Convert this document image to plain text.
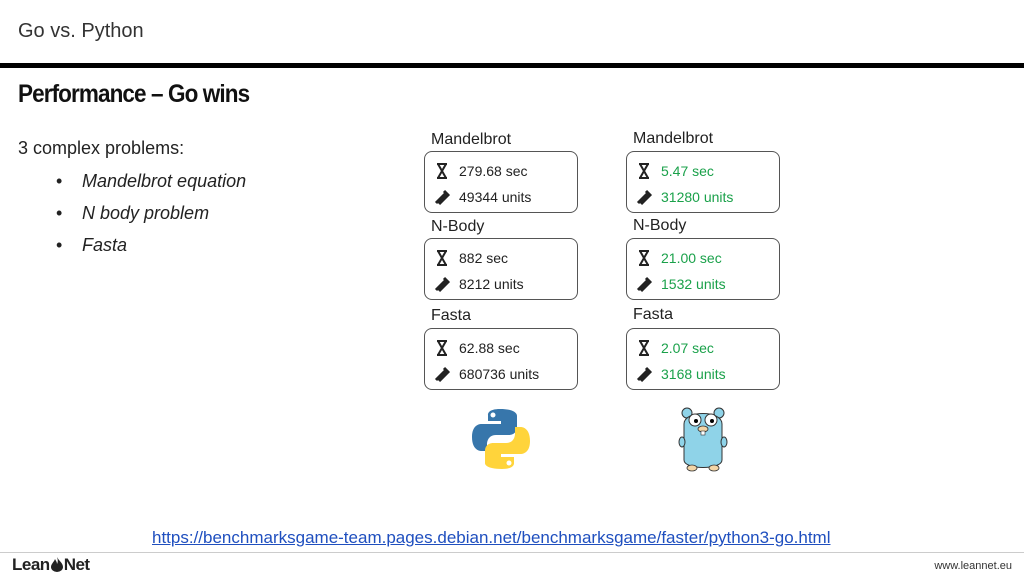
Go vs. Python
Performance – Go wins
3 complex problems:
• Mandelbrot equation
• N body problem
• Fasta
Mandelbrot
279.68 sec
49344 units
N-Body
882 sec
8212 units
Fasta
62.88 sec
680736 units
Mandelbrot
5.47 sec
31280 units
N-Body
21.00 sec
1532 units
Fasta
2.07 sec
3168 units
https://benchmarksgame-team.pages.debian.net/benchmarksgame/faster/python3-go.html
Lean Net	www.leannet.eu
